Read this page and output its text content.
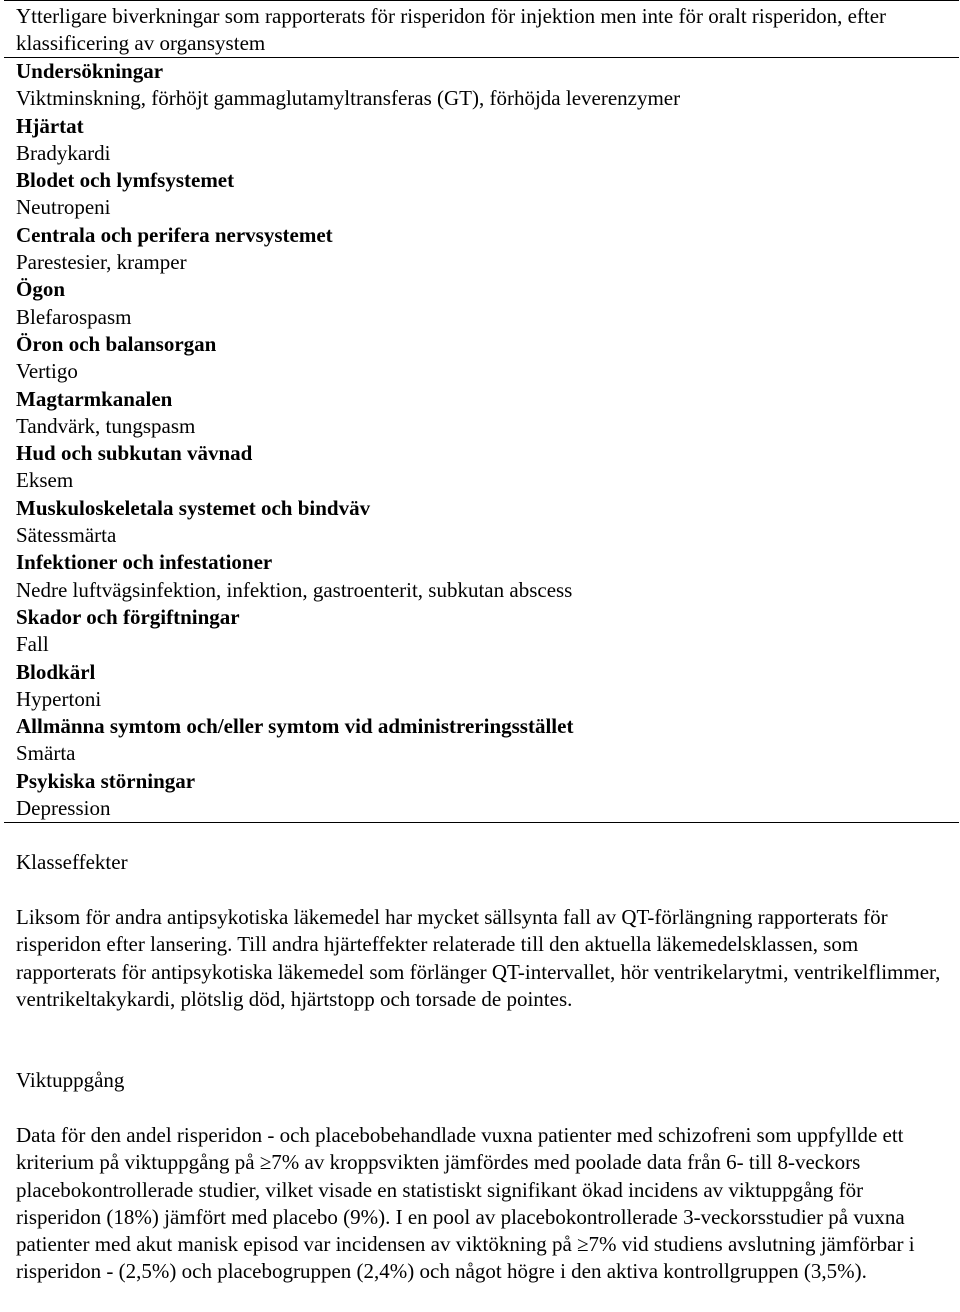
Ytterligare biverkningar som rapporterats för risperidon för injektion men inte för oralt risperidon, efter klassificering av organsystem
Undersökningar
Viktminskning, förhöjt gammaglutamyltransferas (GT), förhöjda leverenzymer
Hjärtat
Bradykardi
Blodet och lymfsystemet
Neutropeni
Centrala och perifera nervsystemet
Parestesier, kramper
Ögon
Blefarospasm
Öron och balansorgan
Vertigo
Magtarmkanalen
Tandvärk, tungspasm
Hud och subkutan vävnad
Eksem
Muskuloskeletala systemet och bindväv
Sätessmärta
Infektioner och infestationer
Nedre luftvägsinfektion, infektion, gastroenterit, subkutan abscess
Skador och förgiftningar
Fall
Blodkärl
Hypertoni
Allmänna symtom och/eller symtom vid administreringsstället
Smärta
Psykiska störningar
Depression
Klasseffekter
Liksom för andra antipsykotiska läkemedel har mycket sällsynta fall av QT-förlängning rapporterats för risperidon efter lansering. Till andra hjärteffekter relaterade till den aktuella läkemedelsklassen, som rapporterats för antipsykotiska läkemedel som förlänger QT-intervallet, hör ventrikelarytmi, ventrikelflimmer, ventrikeltakykardi, plötslig död, hjärtstopp och torsade de pointes.
Viktuppgång
Data för den andel risperidon - och placebobehandlade vuxna patienter med schizofreni som uppfyllde ett kriterium på viktuppgång på ≥7% av kroppsvikten jämfördes med poolade data från 6- till 8-veckors placebokontrollerade studier, vilket visade en statistiskt signifikant ökad incidens av viktuppgång för risperidon (18%) jämfört med placebo (9%). I en pool av placebokontrollerade 3-veckorsstudier på vuxna patienter med akut manisk episod var incidensen av viktökning på ≥7% vid studiens avslutning jämförbar i risperidon - (2,5%) och placebogruppen (2,4%) och något högre i den aktiva kontrollgruppen (3,5%).
